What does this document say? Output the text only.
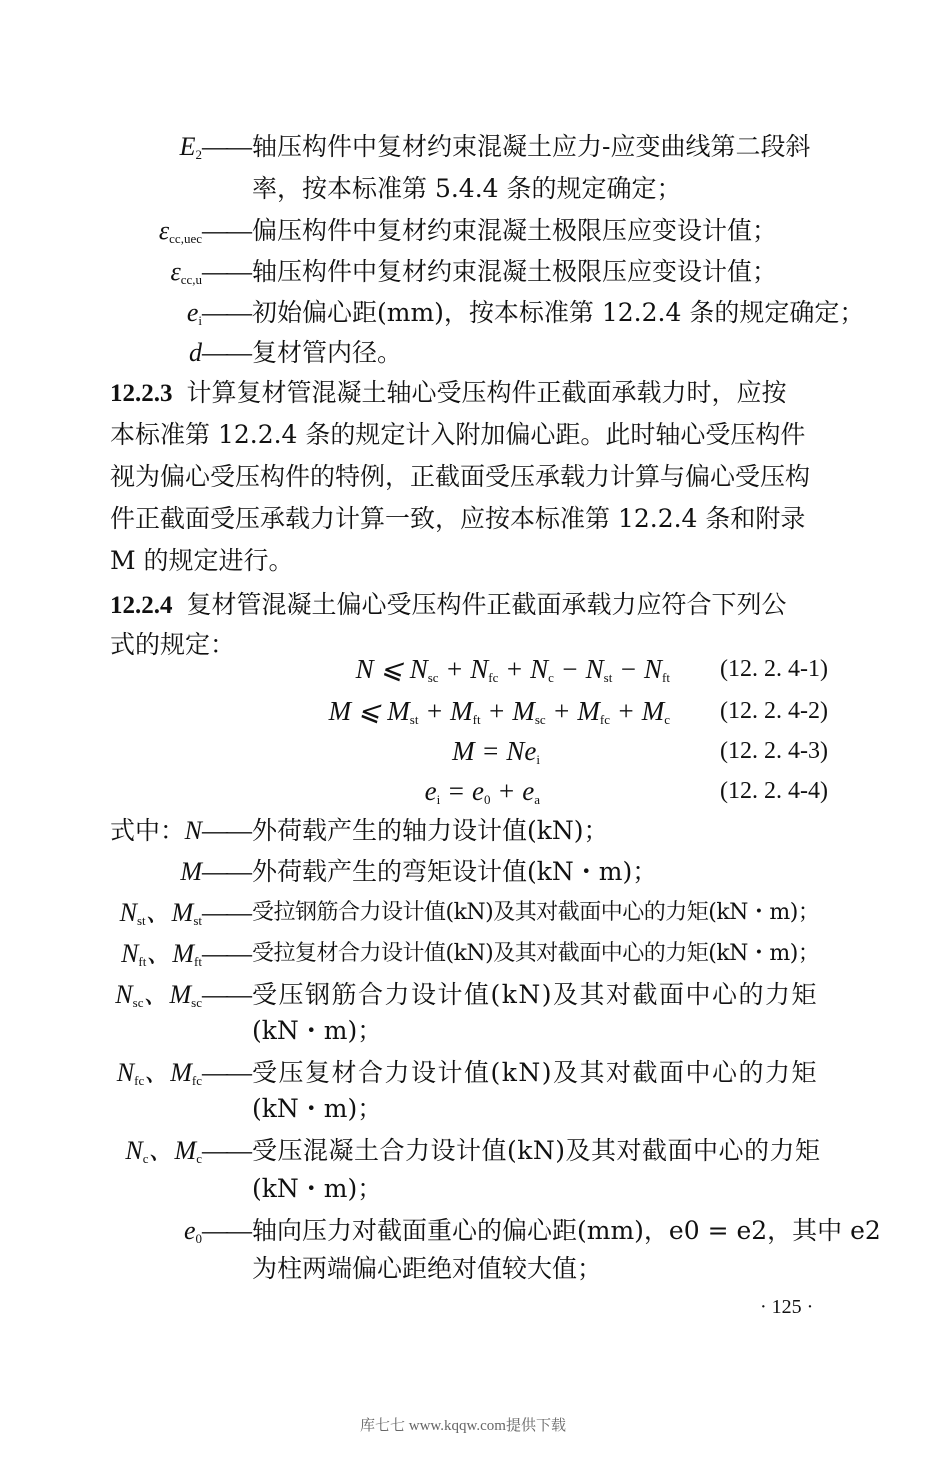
$E_2——$ 轴压构件中复材约束混凝土应力-应变曲线第二段斜
率，按本标准第 5.4.4 条的规定确定；
$\varepsilon_{cc,uec}——$ 偏压构件中复材约束混凝土极限压应变设计值；
$\varepsilon_{cc,u}——$ 轴压构件中复材约束混凝土极限压应变设计值；
$e_i——$ 初始偏心距(mm)，按本标准第 12.2.4 条的规定确定；
d—— 复材管内径。
12.2.3 计算复材管混凝土轴心受压构件正截面承载力时，应按
本标准第 12.2.4 条的规定计入附加偏心距。此时轴心受压构件
视为偏心受压构件的特例，正截面受压承载力计算与偏心受压构
件正截面受压承载力计算一致，应按本标准第 12.2.4 条和附录
M 的规定进行。
12.2.4 复材管混凝土偏心受压构件正截面承载力应符合下列公
式的规定：
N ⩽ $N_{sc} + N_{fc} + N_c - N_{st} - N_{ft}$ (12. 2. 4-1)
M ⩽ $M_{st} + M_{ft} + M_{sc} + M_{fc} + M_c$ (12. 2. 4-2)
$M = Ne_i$	(12. 2. 4-3)
$e_i = e_0 + e_a$	(12. 2. 4-4)
式中： N—— 外荷载产生的轴力设计值(kN)；
M—— 外荷载产生的弯矩设计值(kN・m)；
$N_{st}$、$M_{st}——$ 受拉钢筋合力设计值(kN)及其对截面中心的力矩(kN・m)；
$N_{ft}$、$M_{ft}——$ 受拉复材合力设计值(kN)及其对截面中心的力矩(kN・m)；
$N_{sc}$、$M_{sc}——$ 受压钢筋合力设计值(kN)及其对截面中心的力矩
(kN・m)；
$N_{fc}$、$M_{fc}——$ 受压复材合力设计值(kN)及其对截面中心的力矩
(kN・m)；
$N_c$、$M_c——$ 受压混凝土合力设计值(kN)及其对截面中心的力矩
(kN・m)；
$e_0——$ 轴向压力对截面重心的偏心距(mm)，e0 = e2，其中 e2
为柱两端偏心距绝对值较大值；
· 125 ·
库七七 www.kqqw.com提供下载
